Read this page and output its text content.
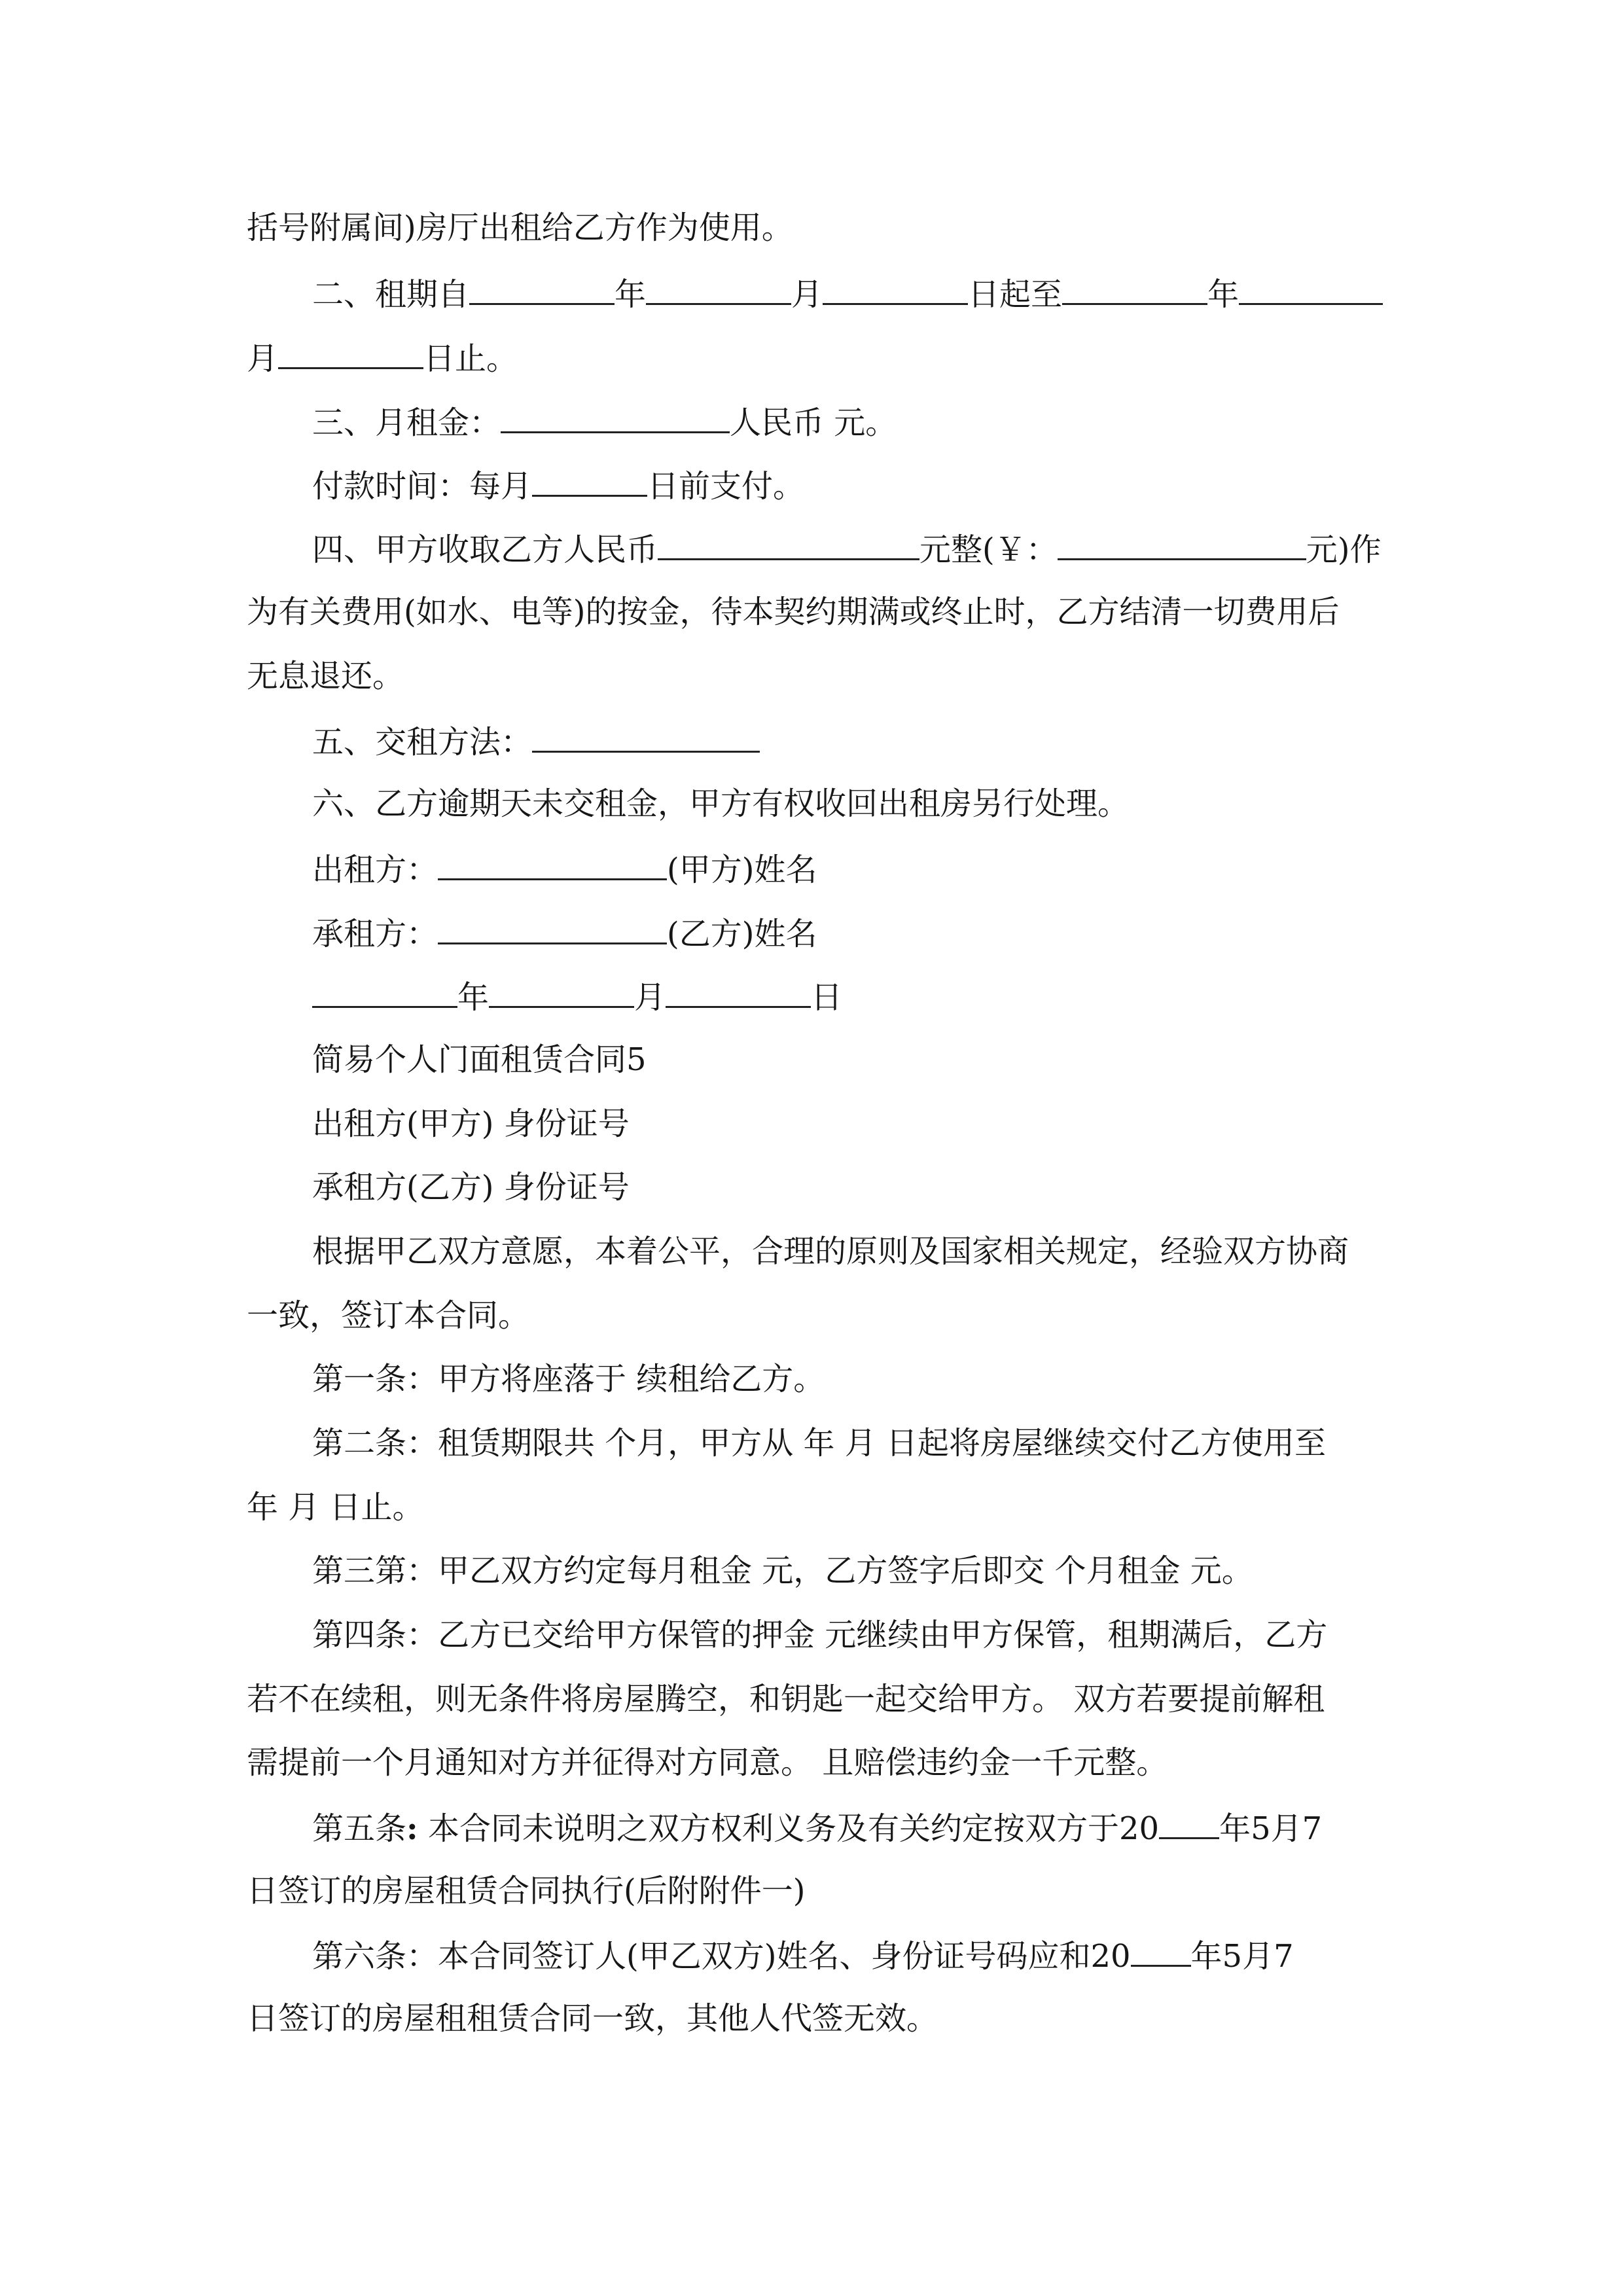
括号附属间)房厅出租给乙方作为使用。
二、租期自	年	月	日起至	年
月	日止。
三、月租金：	人民币 元。
付款时间：每月	日前支付。
四、甲方收取乙方人民币	元整(￥：	元)作
为有关费用(如水、电等)的按金，待本契约期满或终止时，乙方结清一切费用后
无息退还。
五、交租方法：
六、乙方逾期天未交租金，甲方有权收回出租房另行处理。
出租方：	(甲方)姓名
承租方：	(乙方)姓名
年	月	日
简易个人门面租赁合同5
出租方(甲方) 身份证号
承租方(乙方) 身份证号
根据甲乙双方意愿，本着公平，合理的原则及国家相关规定，经验双方协商
一致，签订本合同。
第一条：甲方将座落于 续租给乙方。
第二条：租赁期限共 个月，甲方从 年 月 日起将房屋继续交付乙方使用至
年 月 日止。
第三第：甲乙双方约定每月租金 元，乙方签字后即交 个月租金 元。
第四条：乙方已交给甲方保管的押金 元继续由甲方保管，租期满后，乙方
若不在续租，则无条件将房屋腾空，和钥匙一起交给甲方。 双方若要提前解租
需提前一个月通知对方并征得对方同意。 且赔偿违约金一千元整。
第五条: 本合同未说明之双方权利义务及有关约定按双方于20 年5月7
日签订的房屋租赁合同执行(后附附件一)
第六条：本合同签订人(甲乙双方)姓名、身份证号码应和20 年5月7
日签订的房屋租租赁合同一致，其他人代签无效。
